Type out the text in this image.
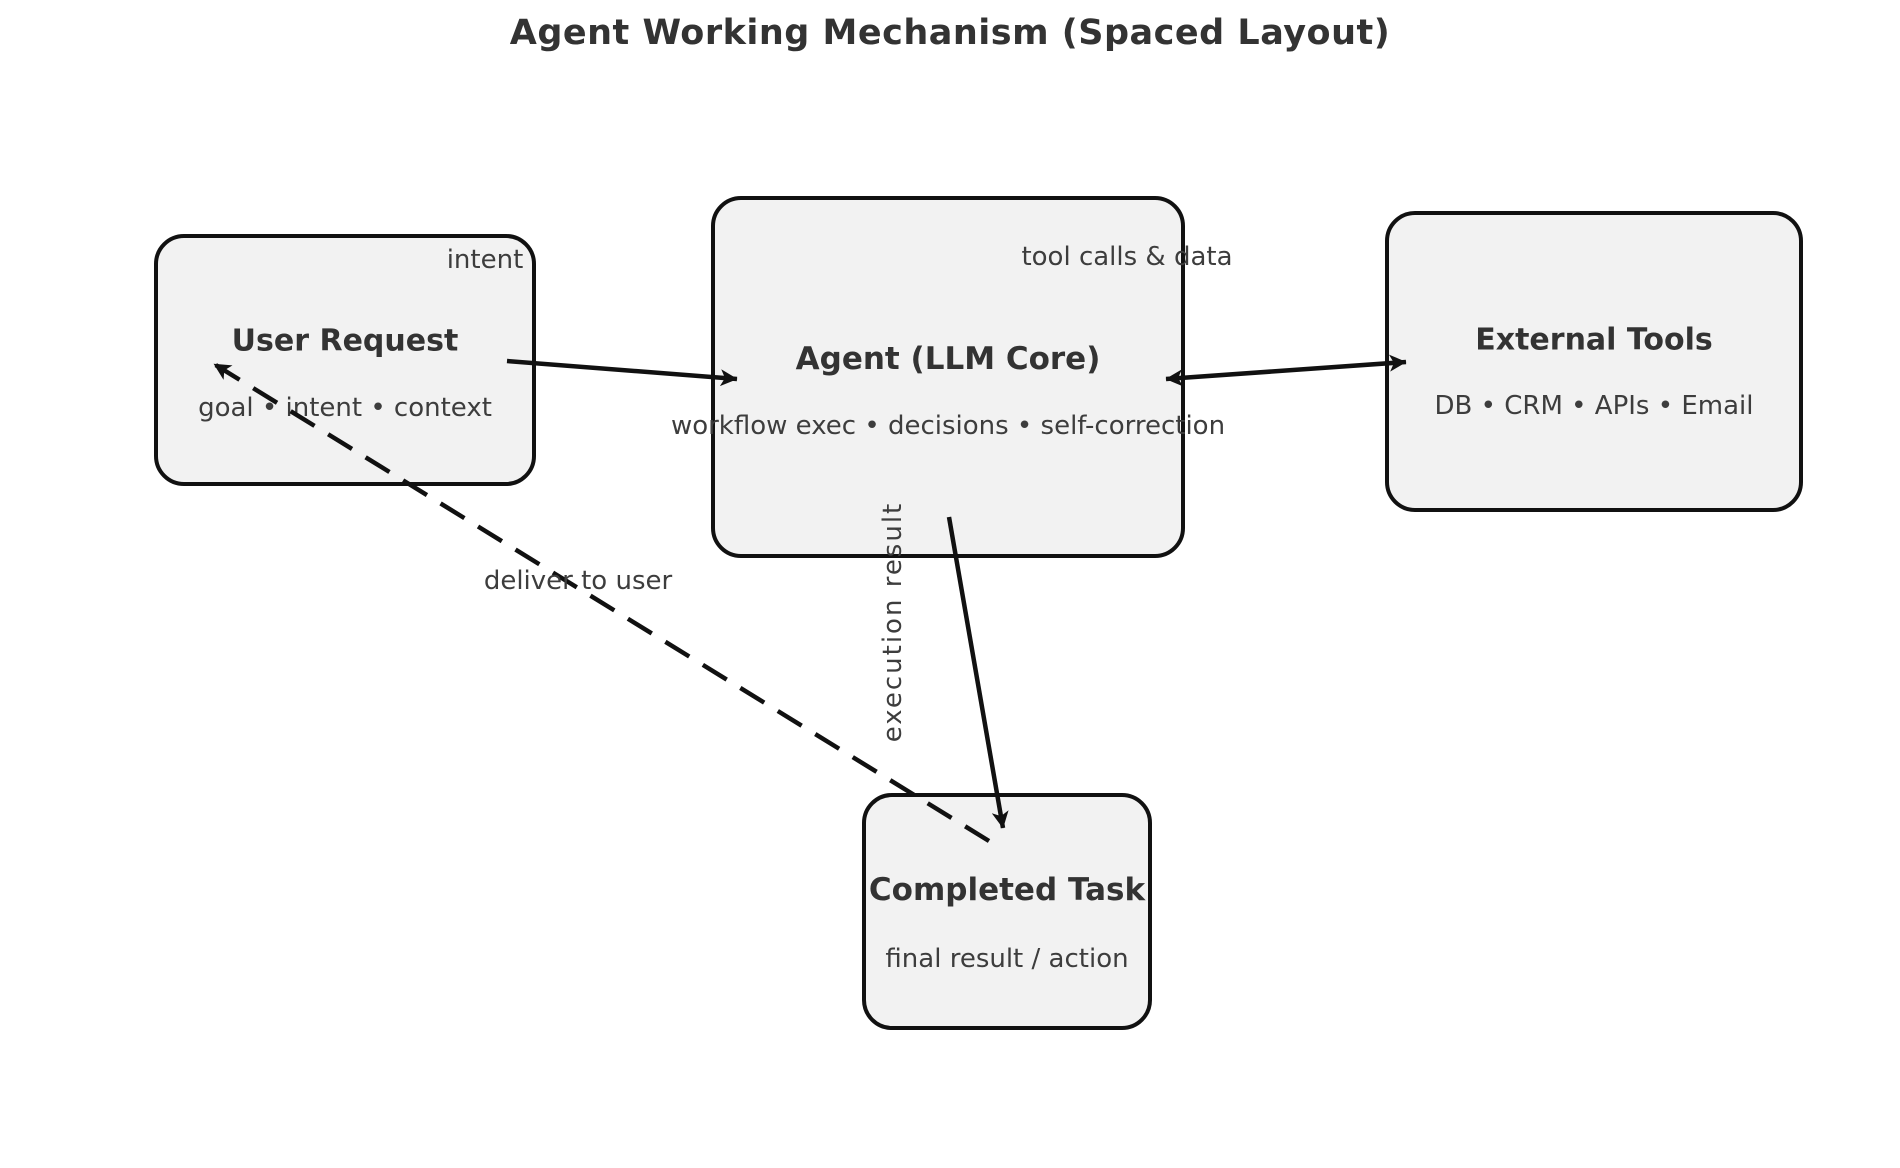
Agent Working Mechanism (Spaced Layout)
User Request
goal • intent • context
Agent (LLM Core)
workflow exec • decisions • self-correction
External Tools
DB • CRM • APIs • Email
Completed Task
final result / action
intent	tool calls & data
execution result
deliver to user
